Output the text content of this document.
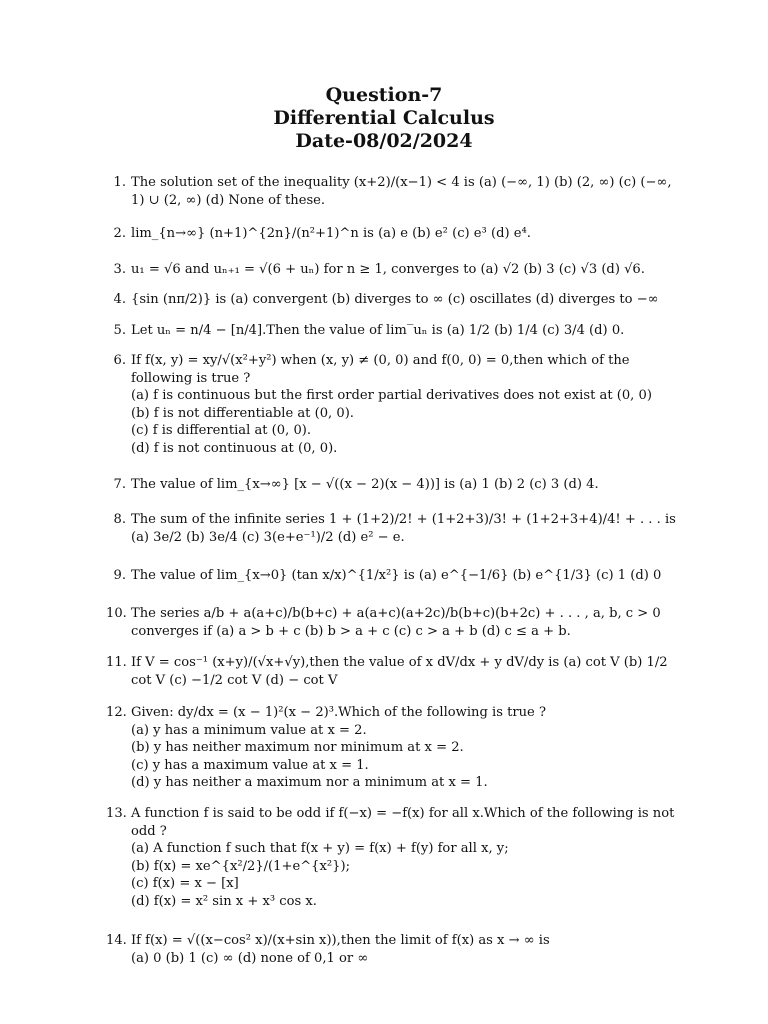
Question-7
Differential Calculus
Date-08/02/2024
1. The solution set of the inequality (x+2)/(x−1) < 4 is (a) (−∞, 1) (b) (2, ∞) (c) (−∞, 1) ∪ (2, ∞) (d) None of these.
2. lim_{n→∞} (n+1)^{2n}/(n²+1)^n is (a) e (b) e² (c) e³ (d) e⁴.
3. u₁ = √6 and uₙ₊₁ = √(6 + uₙ) for n ≥ 1, converges to (a) √2 (b) 3 (c) √3 (d) √6.
4. {sin (nπ/2)} is (a) convergent (b) diverges to ∞ (c) oscillates (d) diverges to −∞
5. Let uₙ = n/4 − [n/4].Then the value of lim‾uₙ is (a) 1/2 (b) 1/4 (c) 3/4 (d) 0.
6. If f(x, y) = xy/√(x²+y²) when (x, y) ≠ (0, 0) and f(0, 0) = 0,then which of the following is true ?
(a) f is continuous but the first order partial derivatives does not exist at (0, 0)
(b) f is not differentiable at (0, 0).
(c) f is differential at (0, 0).
(d) f is not continuous at (0, 0).
7. The value of lim_{x→∞} [x − √((x − 2)(x − 4))] is (a) 1 (b) 2 (c) 3 (d) 4.
8. The sum of the infinite series 1 + (1+2)/2! + (1+2+3)/3! + (1+2+3+4)/4! + . . . is (a) 3e/2 (b) 3e/4 (c) 3(e+e⁻¹)/2 (d) e² − e.
9. The value of lim_{x→0} (tan x/x)^{1/x²} is (a) e^{−1/6} (b) e^{1/3} (c) 1 (d) 0
10. The series a/b + a(a+c)/b(b+c) + a(a+c)(a+2c)/b(b+c)(b+2c) + . . . , a, b, c > 0 converges if (a) a > b + c (b) b > a + c (c) c > a + b (d) c ≤ a + b.
11. If V = cos⁻¹ (x+y)/(√x+√y),then the value of x dV/dx + y dV/dy is (a) cot V (b) 1/2 cot V (c) −1/2 cot V (d) − cot V
12. Given: dy/dx = (x − 1)²(x − 2)³.Which of the following is true ?
(a) y has a minimum value at x = 2.
(b) y has neither maximum nor minimum at x = 2.
(c) y has a maximum value at x = 1.
(d) y has neither a maximum nor a minimum at x = 1.
13. A function f is said to be odd if f(−x) = −f(x) for all x.Which of the following is not odd ?
(a) A function f such that f(x + y) = f(x) + f(y) for all x, y;
(b) f(x) = xe^{x²/2}/(1+e^{x²});
(c) f(x) = x − [x]
(d) f(x) = x² sin x + x³ cos x.
14. If f(x) = √((x−cos² x)/(x+sin x)),then the limit of f(x) as x → ∞ is
(a) 0 (b) 1 (c) ∞ (d) none of 0,1 or ∞
